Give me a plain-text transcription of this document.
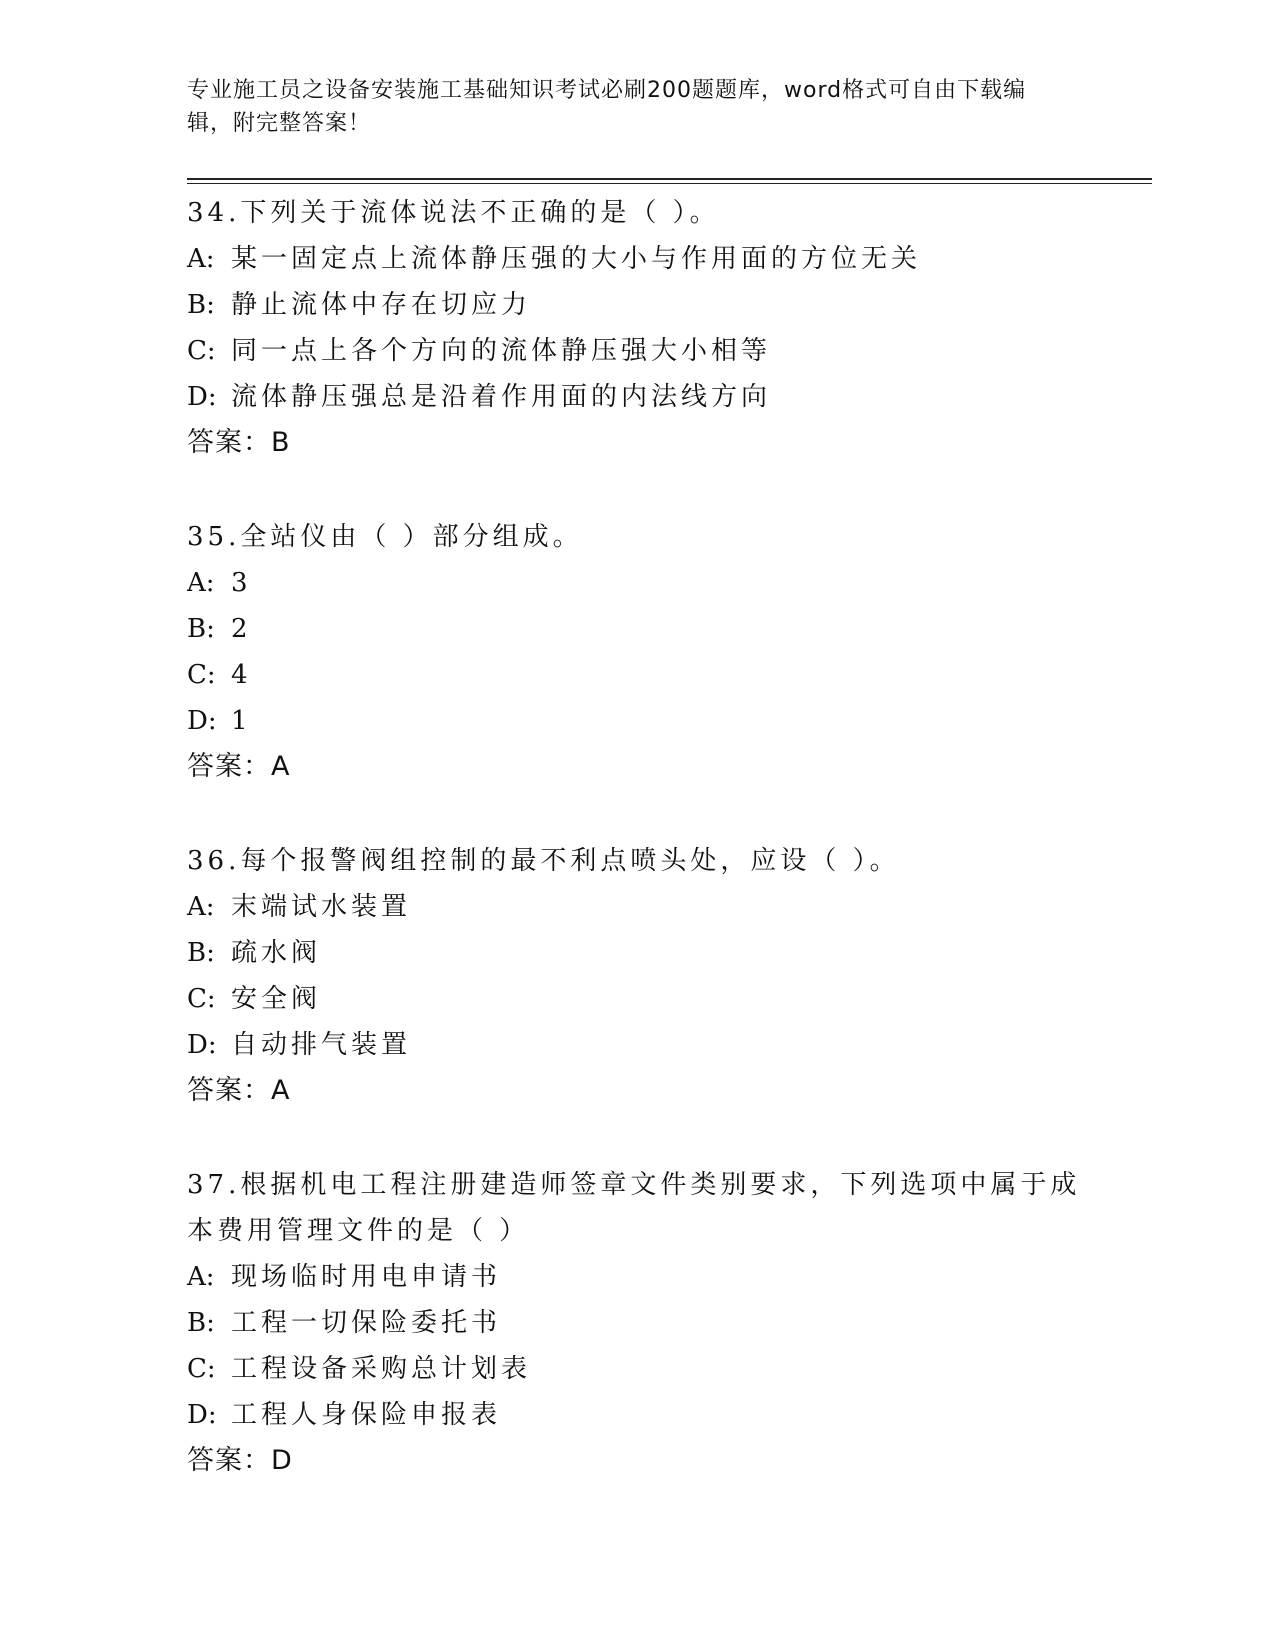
专业施工员之设备安装施工基础知识考试必刷200题题库，word格式可自由下载编辑，附完整答案！
34.下列关于流体说法不正确的是（ ）。
A: 某一固定点上流体静压强的大小与作用面的方位无关
B: 静止流体中存在切应力
C: 同一点上各个方向的流体静压强大小相等
D: 流体静压强总是沿着作用面的内法线方向
答案：B
35.全站仪由（ ）部分组成。
A: 3
B: 2
C: 4
D: 1
答案：A
36.每个报警阀组控制的最不利点喷头处，应设（ ）。
A: 末端试水装置
B: 疏水阀
C: 安全阀
D: 自动排气装置
答案：A
37.根据机电工程注册建造师签章文件类别要求，下列选项中属于成本费用管理文件的是（ ）
A: 现场临时用电申请书
B: 工程一切保险委托书
C: 工程设备采购总计划表
D: 工程人身保险申报表
答案：D
